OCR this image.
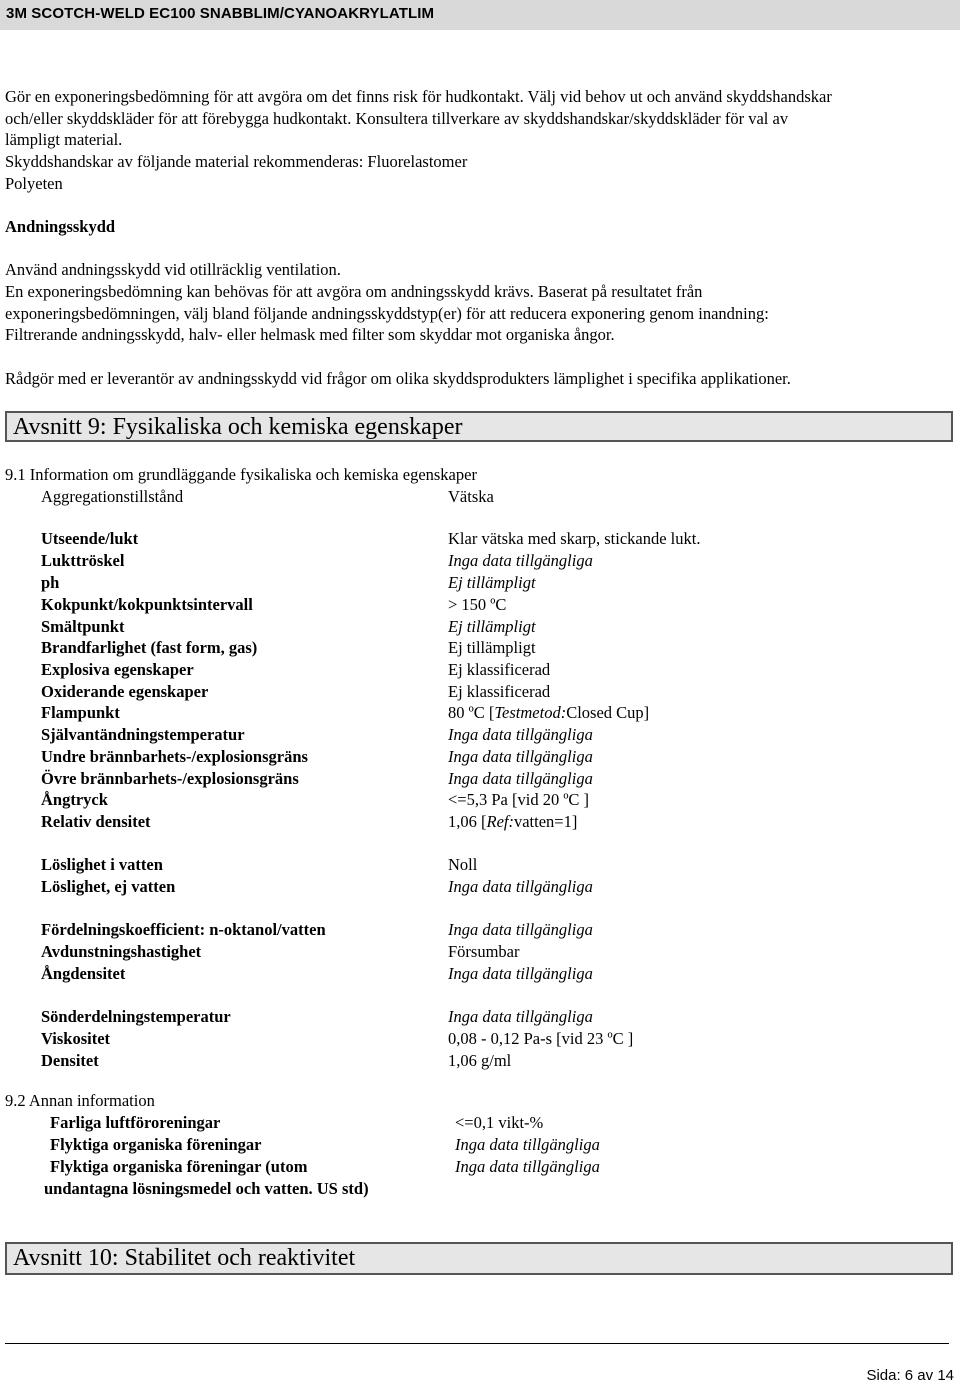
3M SCOTCH-WELD EC100 SNABBLIM/CYANOAKRYLATLIM
Gör en exponeringsbedömning för att avgöra om det finns risk för hudkontakt. Välj vid behov ut och använd skyddshandskar
och/eller skyddskläder för att förebygga hudkontakt. Konsultera tillverkare av skyddshandskar/skyddskläder för val av
lämpligt material.
Skyddshandskar av följande material rekommenderas: Fluorelastomer
Polyeten
Andningsskydd
Använd andningsskydd vid otillräcklig ventilation.
En exponeringsbedömning kan behövas för att avgöra om andningsskydd krävs. Baserat på resultatet från
exponeringsbedömningen, välj bland följande andningsskyddstyp(er) för att reducera exponering genom inandning:
Filtrerande andningsskydd, halv- eller helmask med filter som skyddar mot organiska ångor.
Rådgör med er leverantör av andningsskydd vid frågor om olika skyddsprodukters lämplighet i specifika applikationer.
Avsnitt 9: Fysikaliska och kemiska egenskaper
9.1 Information om grundläggande fysikaliska och kemiska egenskaper
Aggregationstillstånd	Vätska
Utseende/lukt	Klar vätska med skarp, stickande lukt.
Lukttröskel	Inga data tillgängliga
ph	Ej tillämpligt
Kokpunkt/kokpunktsintervall	> 150 ºC
Smältpunkt	Ej tillämpligt
Brandfarlighet (fast form, gas)	Ej tillämpligt
Explosiva egenskaper	Ej klassificerad
Oxiderande egenskaper	Ej klassificerad
Flampunkt	80 ºC [Testmetod:Closed Cup]
Självantändningstemperatur	Inga data tillgängliga
Undre brännbarhets-/explosionsgräns	Inga data tillgängliga
Övre brännbarhets-/explosionsgräns	Inga data tillgängliga
Ångtryck	<=5,3 Pa [vid 20 ºC ]
Relativ densitet	1,06 [Ref:vatten=1]
Löslighet i vatten	Noll
Löslighet, ej vatten	Inga data tillgängliga
Fördelningskoefficient: n-oktanol/vatten	Inga data tillgängliga
Avdunstningshastighet	Försumbar
Ångdensitet	Inga data tillgängliga
Sönderdelningstemperatur	Inga data tillgängliga
Viskositet	0,08 - 0,12 Pa-s [vid 23 ºC ]
Densitet	1,06 g/ml
9.2 Annan information
Farliga luftföroreningar	<=0,1 vikt-%
Flyktiga organiska föreningar	Inga data tillgängliga
Flyktiga organiska föreningar (utom	Inga data tillgängliga
undantagna lösningsmedel och vatten. US std)
Avsnitt 10: Stabilitet och reaktivitet
Sida: 6 av 14
